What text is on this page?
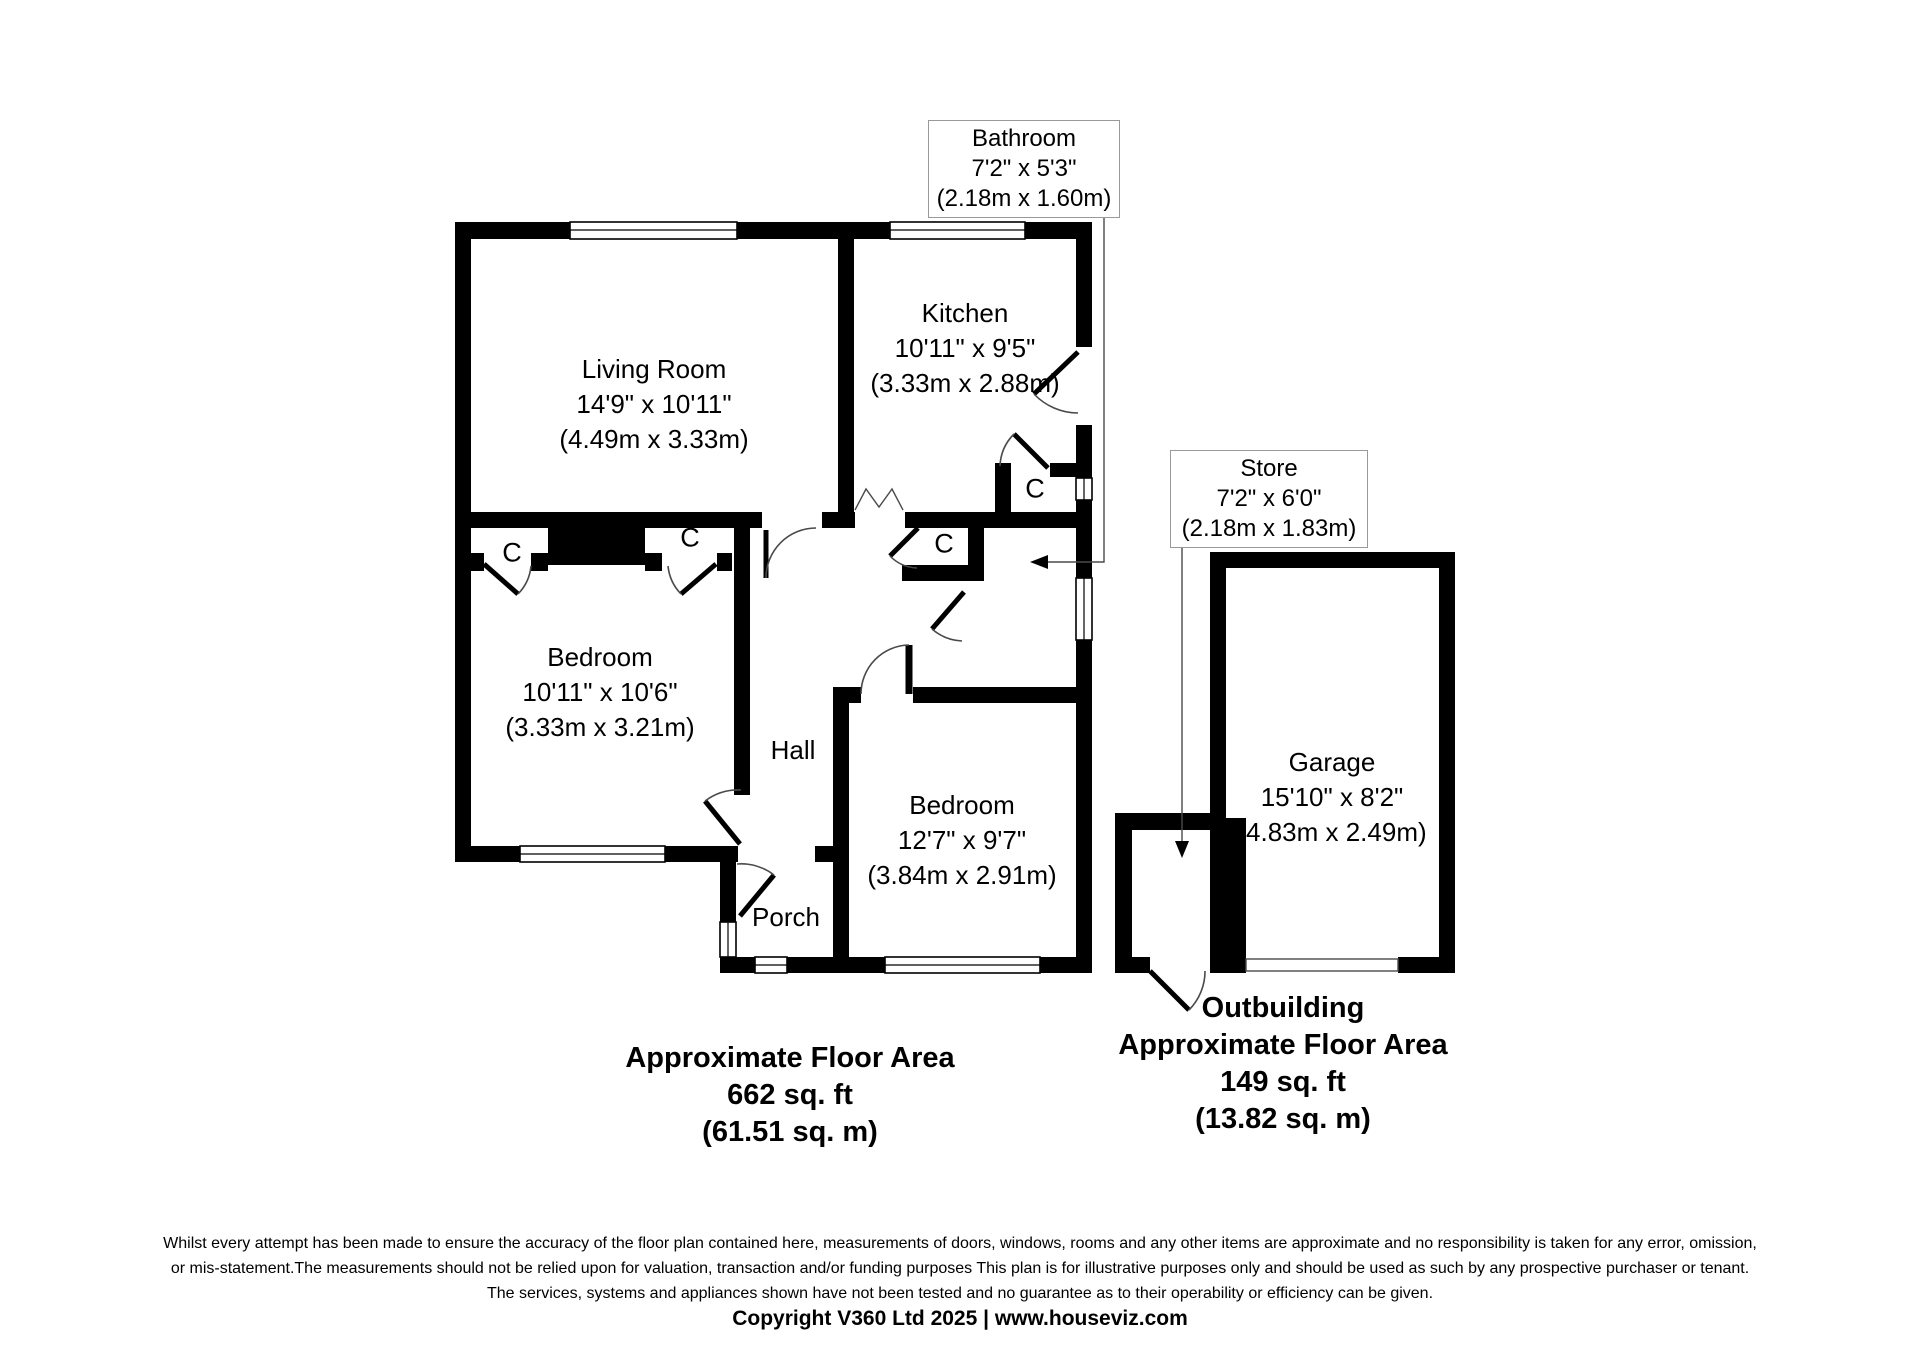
Bathroom
7'2" x 5'3"
(2.18m x 1.60m)
Store
7'2" x 6'0"
(2.18m x 1.83m)
Living Room
14'9" x 10'11"
(4.49m x 3.33m)
Kitchen
10'11" x 9'5"
(3.33m x 2.88m)
Bedroom
10'11" x 10'6"
(3.33m x 3.21m)
Bedroom
12'7" x 9'7"
(3.84m x 2.91m)
Garage
15'10" x 8'2"
(4.83m x 2.49m)
Hall
Porch
C	C
C
C
Approximate Floor Area
662 sq. ft
(61.51 sq. m)
Outbuilding
Approximate Floor Area
149 sq. ft
(13.82 sq. m)
Whilst every attempt has been made to ensure the accuracy of the floor plan contained here, measurements of doors, windows, rooms and any other items are approximate and no responsibility is taken for any error, omission,
or mis-statement.The measurements should not be relied upon for valuation, transaction and/or funding purposes This plan is for illustrative purposes only and should be used as such by any prospective purchaser or tenant.
The services, systems and appliances shown have not been tested and no guarantee as to their operability or efficiency can be given.
Copyright V360 Ltd 2025 | www.houseviz.com
